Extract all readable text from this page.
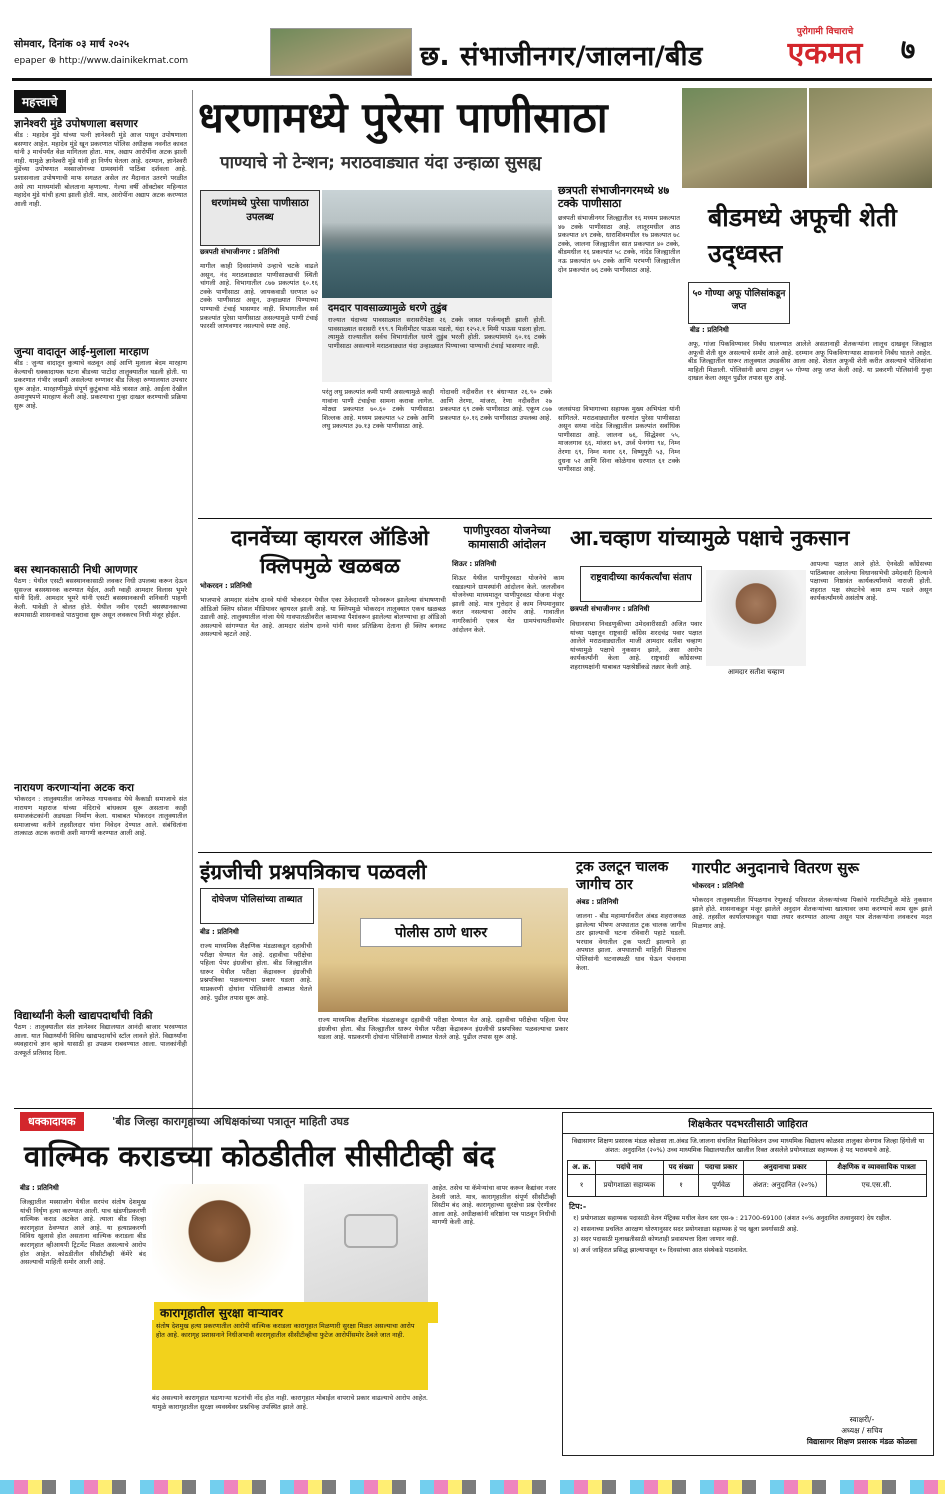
सोमवार, दिनांक ०३ मार्च २०२५
epaper ⊕ http://www.dainikekmat.com	छ. संभाजीनगर/जालना/बीड
पुरोगामी विचाराचे
एकमत	७
महत्त्वाचे
ज्ञानेश्वरी मुंडे उपोषणाला बसणार
बीड : महादेव मुंडे यांच्या पत्नी ज्ञानेश्वरी मुंडे आज पासून उपोषणाला बसणार आहेत. महादेव मुंडे खून प्रकरणात पोलिस अधीक्षक नवनीत कावत यांनी ३ मार्चपर्यंत वेळ मागितला होता. मात्र, अद्याप आरोपींना अटक झाली नाही. यामुळे ज्ञानेश्वरी मुंडे यांनी हा निर्णय घेतला आहे. दरम्यान, ज्ञानेश्वरी मुंडेंच्या उपोषणात मस्साजोगच्या ग्रामस्थांनी पाठिंबा दर्शवला आहे. प्रशासनाला उपोषणाची माफ सगळत असेल तर मैदानात उतरणे परळीत असे त्या माध्यमांशी बोलताना म्हणाल्या. गेल्या वर्षी ऑक्टोबर महिन्यात महादेव मुंडे यांची हत्या झाली होती. मात्र, आरोपींना अद्याप अटक करण्यात आली नाही.
जुन्या वादातून आई-मुलाला मारहाण
बीड : जुन्या वादातून कुत्र्याचे वळवून आई आणि मुलाला बेदम मारहाण केल्याची धक्कादायक घटना बीडच्या पाटोदा तालुक्यातील घडली होती. या प्रकरणात गंभीर जखमी असलेल्या रुग्णावर बीड जिल्हा रुग्णालयात उपचार सुरू आहेत. मारहाणीमुळे संपूर्ण कुटुंबाचा मोठे त्रासात आहे. आईला देखील अमानुषपणे मारहाण केली आहे. प्रकरणाचा गुन्हा दाखल करण्याची प्रक्रिया सुरू आहे.
बस स्थानकासाठी निधी आणणार
पैठण : येथील एसटी बसस्थानकासाठी लवकर निधी उपलब्ध करून देऊन सुसज्ज बसस्थानक करण्यात येईल, अशी ग्वाही आमदार विलास भूमरे यांनी दिली. आमदार भूमरे यांनी एसटी बसस्थानकाची शनिवारी पाहणी केली. यावेळी ते बोलत होते. येथील नवीन एसटी बसस्थानकाच्या कामासाठी शासनाकडे पाठपुरावा सुरू असून लवकरच निधी मंजूर होईल.
नारायण करणार्‍यांना अटक करा
भोकरदन : तालुक्यातील जानेफळ गायकवाड येथे कैकाडी समाजाचे संत नारायण महाराज यांच्या मंदिराचे बांधकाम सुरू असताना काही समाजकंटकांनी अडथळा निर्माण केला. याबाबत भोकरदन तालुक्यातील समाजाच्या वतीने तहसीलदार यांना निवेदन देण्यात आले. संबंधितांना तात्काळ अटक करावी अशी मागणी करण्यात आली आहे.
विद्यार्थ्यांनी केली खाद्यपदार्थांची विक्री
पैठण : तालुक्यातील संत ज्ञानेश्वर विद्यालयात आनंदी बाजार भरवण्यात आला. यात विद्यार्थ्यांनी विविध खाद्यपदार्थांचे स्टॉल लावले होते. विद्यार्थ्यांना व्यवहाराचे ज्ञान व्हावे यासाठी हा उपक्रम राबवण्यात आला. पालकांनीही उत्स्फूर्त प्रतिसाद दिला.
धरणामध्ये पुरेसा पाणीसाठा
पाण्याचे नो टेन्शन; मराठवाड्यात यंदा उन्हाळा सुसह्य
धरणांमध्ये पुरेसा पाणीसाठा उपलब्ध
छत्रपती संभाजीनगर : प्रतिनिधी
मागील काही दिवसांमध्ये उन्हाचे चटके वाढले असून, नंद मराठवाड्यात पाणीसाठ्याची स्थिती चांगली आहे. विभागातील ८७७ प्रकल्पांत ६०.१६ टक्के पाणीसाठा आहे. जायकवाडी धरणात ७२ टक्के पाणीसाठा असून, उन्हाळ्यात पिण्याच्या पाण्याची टंचाई भासणार नाही. विभागातील सर्व प्रकल्पांत पुरेसा पाणीसाठा असल्यामुळे पाणी टंचाई फारशी जाणवणार नसल्याचे स्पष्ट आहे.
दमदार पावसाळ्यामुळे धरणे तुडुंब
राज्यात यंदाच्या पावसाळ्यात सरासरीपेक्षा २६ टक्के जास्त पर्जन्यवृष्टी झाली होती. पावसाळ्यात सरासरी १९९.९ मिलीमीटर पाऊस पडतो, यंदा १२५२.१ मिमी पाऊस पडला होता. त्यामुळे राज्यातील सर्वच विभागांतील धरणे तुडुंब भरली होती. प्रकल्पांमध्ये ६०.१६ टक्के पाणीसाठा असल्याने मराठवाड्यात यंदा उन्हाळ्यात पिण्याच्या पाण्याची टंचाई भासणार नाही.
परंतु लघु प्रकल्पांत कमी पाणी असल्यामुळे काही गावांना पाणी टंचाईचा सामना करावा लागेल. मोठ्या प्रकल्पात ७०.६० टक्के पाणीसाठा शिल्लक आहे. मध्यम प्रकल्पात ५२ टक्के आणि लघु प्रकल्पात ३७.१३ टक्के पाणीसाठा आहे.
गोदावरी नदीवरील ११ बंधाऱ्यात २६.९० टक्के आणि तेरणा, मांजरा, रेणा नदीवरील २७ प्रकल्पात ६९ टक्के पाणीसाठा आहे. एकूण ८७७ प्रकल्पात ६०.१६ टक्के पाणीसाठा उपलब्ध आहे.
छत्रपती संभाजीनगरमध्ये ४७ टक्के पाणीसाठा
छत्रपती संभाजीनगर जिल्ह्यातील १६ मध्यम प्रकल्पात ४७ टक्के पाणीसाठा आहे. लातूरमधील आठ प्रकल्पात ४९ टक्के, धाराशिवमधील १७ प्रकल्पात ७८ टक्के, जालना जिल्ह्यातील सात प्रकल्पात ४० टक्के, बीडमधील १६ प्रकल्पांत ५८ टक्के, नांदेड जिल्ह्यातील नऊ प्रकल्पांत ७५ टक्के आणि परभणी जिल्ह्यातील दोन प्रकल्पांत ७६ टक्के पाणीसाठा आहे.
जलसंपदा विभागाच्या सहायक मुख्य अभियंता यांनी सांगितले. मराठवाड्यातील धरणांत पुरेसा पाणीसाठा असून सध्या नांदेड जिल्ह्यातील प्रकल्पांत सर्वाधिक पाणीसाठा आहे. जालना ७६, सिद्धेश्वर ५५, माजलगाव ६६, मांजरा ७९, उर्ध्व पेनगंगा ९४, निम्न तेरणा ६९, निम्न मनार ६१, विष्णुपुरी ५३, निम्न दुधना ५२ आणि सिना कोळेगाव धरणात ६१ टक्के पाणीसाठा आहे.
बीडमध्ये अफूची शेती उद्ध्वस्त
५० गोण्या अफू पोलिसांकडून जप्त
बीड : प्रतिनिधी
अफू, गांजा पिकविण्यावर निर्बंध घालण्यात आलेले असतानाही शेतकऱ्यांना लालूच दाखवून जिल्ह्यात अफूची शेती सुरु असल्याचे समोर आले आहे. दरम्यान अफू पिकविणाऱ्यास शासनाने निर्बंध घातले आहेत. बीड जिल्ह्यातील धारूर तालुक्यात उघडकीस आला आहे. शेतात अफूची शेती करीत असल्याचे पोलिसांना माहिती मिळाली. पोलिसांनी छापा टाकून ५० गोण्या अफू जप्त केली आहे. या प्रकरणी पोलिसांनी गुन्हा दाखल केला असून पुढील तपास सुरु आहे.
दानवेंच्या व्हायरल ऑडिओ क्लिपमुळे खळबळ
भोकरदन : प्रतिनिधी
भाजपाचे आमदार संतोष दानवे यांची भोकरदन येथील एका ठेकेदाराशी फोनवरून झालेल्या संभाषणाची ऑडिओ क्लिप सोशल मीडियावर व्हायरल झाली आहे. या क्लिपमुळे भोकरदन तालुक्यात एकच खळबळ उडाली आहे. तालुक्यातील नांजा येथे गावपातळीवरील कामाच्या पैशांवरून झालेल्या बोलण्याचा हा ऑडिओ असल्याचे सांगण्यात येत आहे. आमदार संतोष दानवे यांनी यावर प्रतिक्रिया देताना ही क्लिप बनावट असल्याचे म्हटले आहे.
पाणीपुरवठा योजनेच्या कामासाठी आंदोलन
शिऊर : प्रतिनिधी
शिऊर येथील पाणीपुरवठा योजनेचे काम रखडल्याने ग्रामस्थांनी आंदोलन केले. जलजीवन योजनेच्या माध्यमातून पाणीपुरवठा योजना मंजूर झाली आहे. मात्र गुत्तेदार हे काम नियमानुसार करत नसल्याचा आरोप आहे. गावातील नागरिकांनी एकत्र येत ग्रामपंचायतीसमोर आंदोलन केले.
आ.चव्हाण यांच्यामुळे पक्षाचे नुकसान
राष्ट्रवादीच्या कार्यकर्त्यांचा संताप
छत्रपती संभाजीनगर : प्रतिनिधी
विधानसभा निवडणुकीच्या उमेदवारीसाठी अजित पवार यांच्या पक्षातून राष्ट्रवादी काँग्रेस शरदचंद्र पवार पक्षात आलेले मराठवाड्यातील माजी आमदार सतीश चव्हाण यांच्यामुळे पक्षाचे नुकसान झाले, असा आरोप कार्यकर्त्यांनी केला आहे. राष्ट्रवादी काँग्रेसच्या शहराध्यक्षांनी याबाबत पक्षश्रेष्ठींकडे तक्रार केली आहे.
आमदार सतीश चव्हाण
आपल्या पक्षात आले होते. ऐनवेळी काँग्रेसच्या पाठिंब्यावर आलेल्या विधानसभेची उमेदवारी दिल्याने पक्षाच्या निष्ठावंत कार्यकर्त्यांमध्ये नाराजी होती. शहरात पक्ष संघटनेचे काम ठप्प पडले असून कार्यकर्त्यांमध्ये असंतोष आहे.
इंग्रजीची प्रश्नपत्रिकाच पळवली
दोघेजण पोलिसांच्या ताब्यात
बीड : प्रतिनिधी
राज्य माध्यमिक शैक्षणिक मंडळाकडून दहावीची परीक्षा घेण्यात येत आहे. दहावीचा परीक्षेचा पहिला पेपर इंग्रजीचा होता. बीड जिल्ह्यातील धारूर येथील परीक्षा केंद्रावरून इंग्रजीची प्रश्नपत्रिका पळवल्याचा प्रकार घडला आहे. याप्रकरणी दोघांना पोलिसांनी ताब्यात घेतले आहे. पुढील तपास सुरू आहे.
पोलीस ठाणे धारुर
राज्य माध्यमिक शैक्षणिक मंडळाकडून दहावीची परीक्षा घेण्यात येत आहे. दहावीचा परीक्षेचा पहिला पेपर इंग्रजीचा होता. बीड जिल्ह्यातील धारूर येथील परीक्षा केंद्रावरून इंग्रजीची प्रश्नपत्रिका पळवल्याचा प्रकार घडला आहे. याप्रकरणी दोघांना पोलिसांनी ताब्यात घेतले आहे. पुढील तपास सुरू आहे.
ट्रक उलटून चालक जागीच ठार
अंबड : प्रतिनिधी
जालना - बीड महामार्गावरील अंबड शहराजवळ झालेल्या भीषण अपघातात ट्रक चालक जागीच ठार झाल्याची घटना रविवारी पहाटे घडली. भरधाव वेगातील ट्रक पलटी झाल्याने हा अपघात झाला. अपघाताची माहिती मिळताच पोलिसांनी घटनास्थळी धाव घेऊन पंचनामा केला.
गारपीट अनुदानाचे वितरण सुरू
भोकरदन : प्रतिनिधी
भोकरदन तालुक्यातील पिंपळगाव रेणुकाई परिसरात शेतकऱ्यांच्या पिकांचे गारपिटीमुळे मोठे नुकसान झाले होते. शासनाकडून मंजूर झालेले अनुदान शेतकऱ्यांच्या खात्यावर जमा करण्याचे काम सुरू झाले आहे. तहसील कार्यालयाकडून याद्या तयार करण्यात आल्या असून पात्र शेतकऱ्यांना लवकरच मदत मिळणार आहे.
धक्कादायक	'बीड जिल्हा कारागृहाच्या अधिक्षकांच्या पत्रातून माहिती उघड
वाल्मिक कराडच्या कोठडीतील सीसीटीव्ही बंद
बीड : प्रतिनिधी
जिल्ह्यातील मस्साजोग येथील सरपंच संतोष देशमुख यांची निर्घृण हत्या करण्यात आली. याच खंडणीप्रकरणी वाल्मिक कराड अटकेत आहे. त्याला बीड जिल्हा कारागृहात ठेवण्यात आले आहे. या हत्याप्रकरणी विविध खुलासे होत असताना वाल्मिक कराडला बीड कारागृहात व्हीआयपी ट्रिटमेंट मिळत असल्याचे आरोप होत आहेत. कोठडीतील सीसीटीव्ही कॅमेरे बंद असल्याची माहिती समोर आली आहे.
कारागृहातील सुरक्षा वाऱ्यावर
संतोष देशमुख हत्या प्रकरणातील आरोपी वाल्मिक कराडला कारागृहात मिळणारी सुरक्षा मिळत असल्याचा आरोप होत आहे. कारागृह प्रशासनाने निधीअभावी कारागृहातील सीसीटीव्हीचा फुटेज आरोपींसमोर ठेवले जात नाही.
आहेत. तसेच या कॅमेऱ्यांचा वापर करून कैद्यांवर नजर ठेवली जाते. मात्र, कारागृहातील संपूर्ण सीसीटीव्ही सिस्टीम बंद आहे. कारागृहाच्या सुरक्षेचा प्रश्न ऐरणीवर आला आहे. अधीक्षकांनी वरिष्ठांना पत्र पाठवून निधीची मागणी केली आहे.
बंद असल्याने कारागृहात घडणाऱ्या घटनांची नोंद होत नाही. कारागृहात मोबाईल वापराचे प्रकार वाढल्याचे आरोप आहेत. यामुळे कारागृहातील सुरक्षा व्यवस्थेवर प्रश्नचिन्ह उपस्थित झाले आहे.
शिक्षकेतर पदभरतीसाठी जाहिरात
विद्यासागर शिक्षण प्रसारक मंडळ कोळसा ता.अंबड जि.जालना संचलित विद्यानिकेतन उच्च माध्यमिक विद्यालय कोळसा तालुका सेनगाव जिल्हा हिंगोली या अंशत: अनुदानित (२०%) उच्च माध्यमिक विद्यालयातील खालील रिक्त असलेले प्रयोगशाळा सहाय्यक हे पद भरावयाचे आहे.
अ. क्र.	पदांचे नाव	पद संख्या	पदाचा प्रकार	अनुदानाचा प्रकार	शैक्षणिक व व्यावसायिक पात्रता
१	प्रयोगशाळा सहाय्यक	१	पूर्णवेळ	अंशत: अनुदानित (२०%)	एच.एस.सी.
टिप:-
१) प्रयोगशाळा सहाय्यक पदासाठी वेतन मॅट्रिक्स मधील वेतन स्तर एस-७ : 21700-69100 (अंशत २०% अनुदानित तत्वानुसार) देय राहील.
२) शासनाच्या प्रचलित आरक्षण धोरणानुसार सदर प्रयोगशाळा सहाय्यक हे पद खुला प्रवर्गासाठी आहे.
३) सदर पदासाठी मुलाखतीसाठी कोणताही प्रवासभत्ता दिला जाणार नाही.
४) अर्ज जाहिरात प्रसिद्ध झाल्यापासून १० दिवसांच्या आत संस्थेकडे पाठवावेत.
स्वाक्षरी/-
अध्यक्ष / सचिव
विद्यासागर शिक्षण प्रसारक मंडळ कोळसा
